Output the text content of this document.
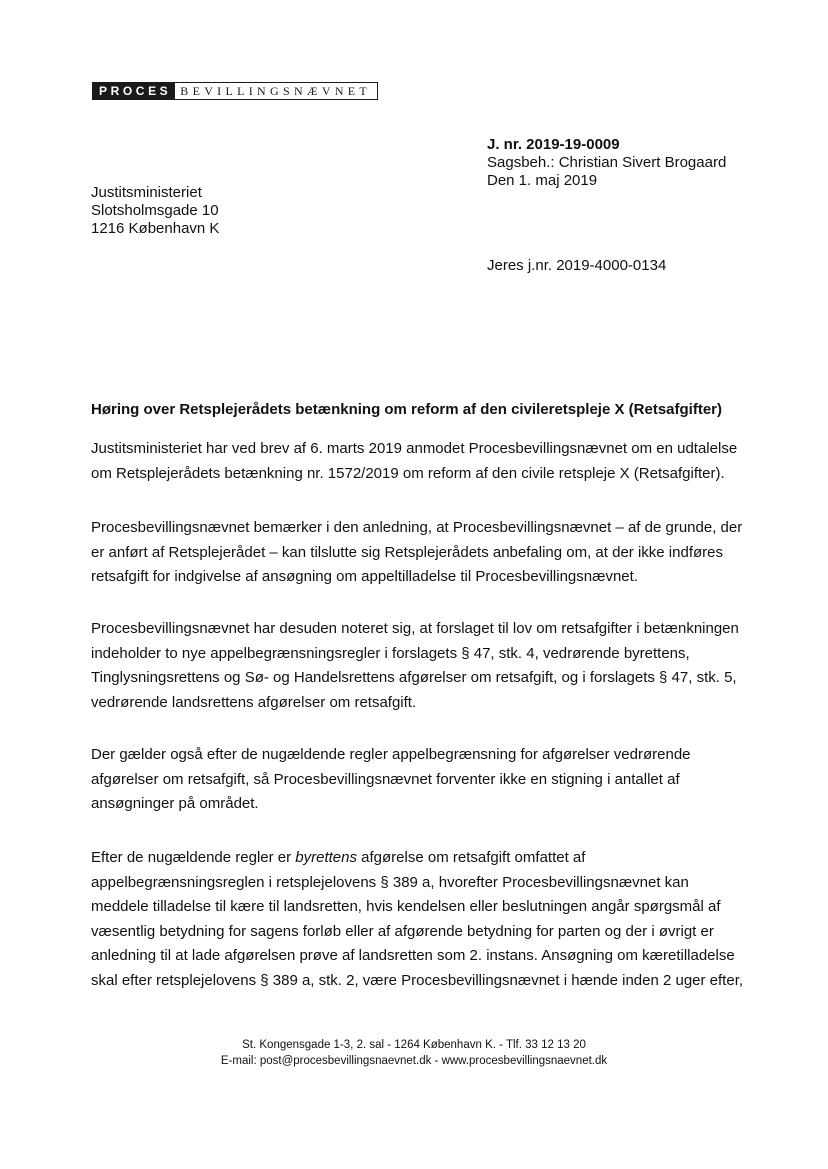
PROCES BEVILLINGSNÆVNET
J. nr. 2019-19-0009
Sagsbeh.: Christian Sivert Brogaard
Den 1. maj 2019
Justitsministeriet
Slotsholmsgade 10
1216 København K
Jeres j.nr. 2019-4000-0134
Høring over Retsplejerådets betænkning om reform af den civileretspleje X (Retsafgifter)
Justitsministeriet har ved brev af 6. marts 2019 anmodet Procesbevillingsnævnet om en udtalelse
om Retsplejerådets betænkning nr. 1572/2019 om reform af den civile retspleje X (Retsafgifter).
Procesbevillingsnævnet bemærker i den anledning, at Procesbevillingsnævnet – af de grunde, der
er anført af Retsplejerådet – kan tilslutte sig Retsplejerådets anbefaling om, at der ikke indføres
retsafgift for indgivelse af ansøgning om appeltilladelse til Procesbevillingsnævnet.
Procesbevillingsnævnet har desuden noteret sig, at forslaget til lov om retsafgifter i betænkningen
indeholder to nye appelbegrænsningsregler i forslagets § 47, stk. 4, vedrørende byrettens,
Tinglysningsrettens og Sø- og Handelsrettens afgørelser om retsafgift, og i forslagets § 47, stk. 5,
vedrørende landsrettens afgørelser om retsafgift.
Der gælder også efter de nugældende regler appelbegrænsning for afgørelser vedrørende
afgørelser om retsafgift, så Procesbevillingsnævnet forventer ikke en stigning i antallet af
ansøgninger på området.
Efter de nugældende regler er byrettens afgørelse om retsafgift omfattet af
appelbegrænsningsreglen i retsplejelovens § 389 a, hvorefter Procesbevillingsnævnet kan
meddele tilladelse til kære til landsretten, hvis kendelsen eller beslutningen angår spørgsmål af
væsentlig betydning for sagens forløb eller af afgørende betydning for parten og der i øvrigt er
anledning til at lade afgørelsen prøve af landsretten som 2. instans. Ansøgning om kæretilladelse
skal efter retsplejelovens § 389 a, stk. 2, være Procesbevillingsnævnet i hænde inden 2 uger efter,
St. Kongensgade 1-3, 2. sal - 1264 København K. - Tlf. 33 12 13 20
E-mail: post@procesbevillingsnaevnet.dk - www.procesbevillingsnaevnet.dk
